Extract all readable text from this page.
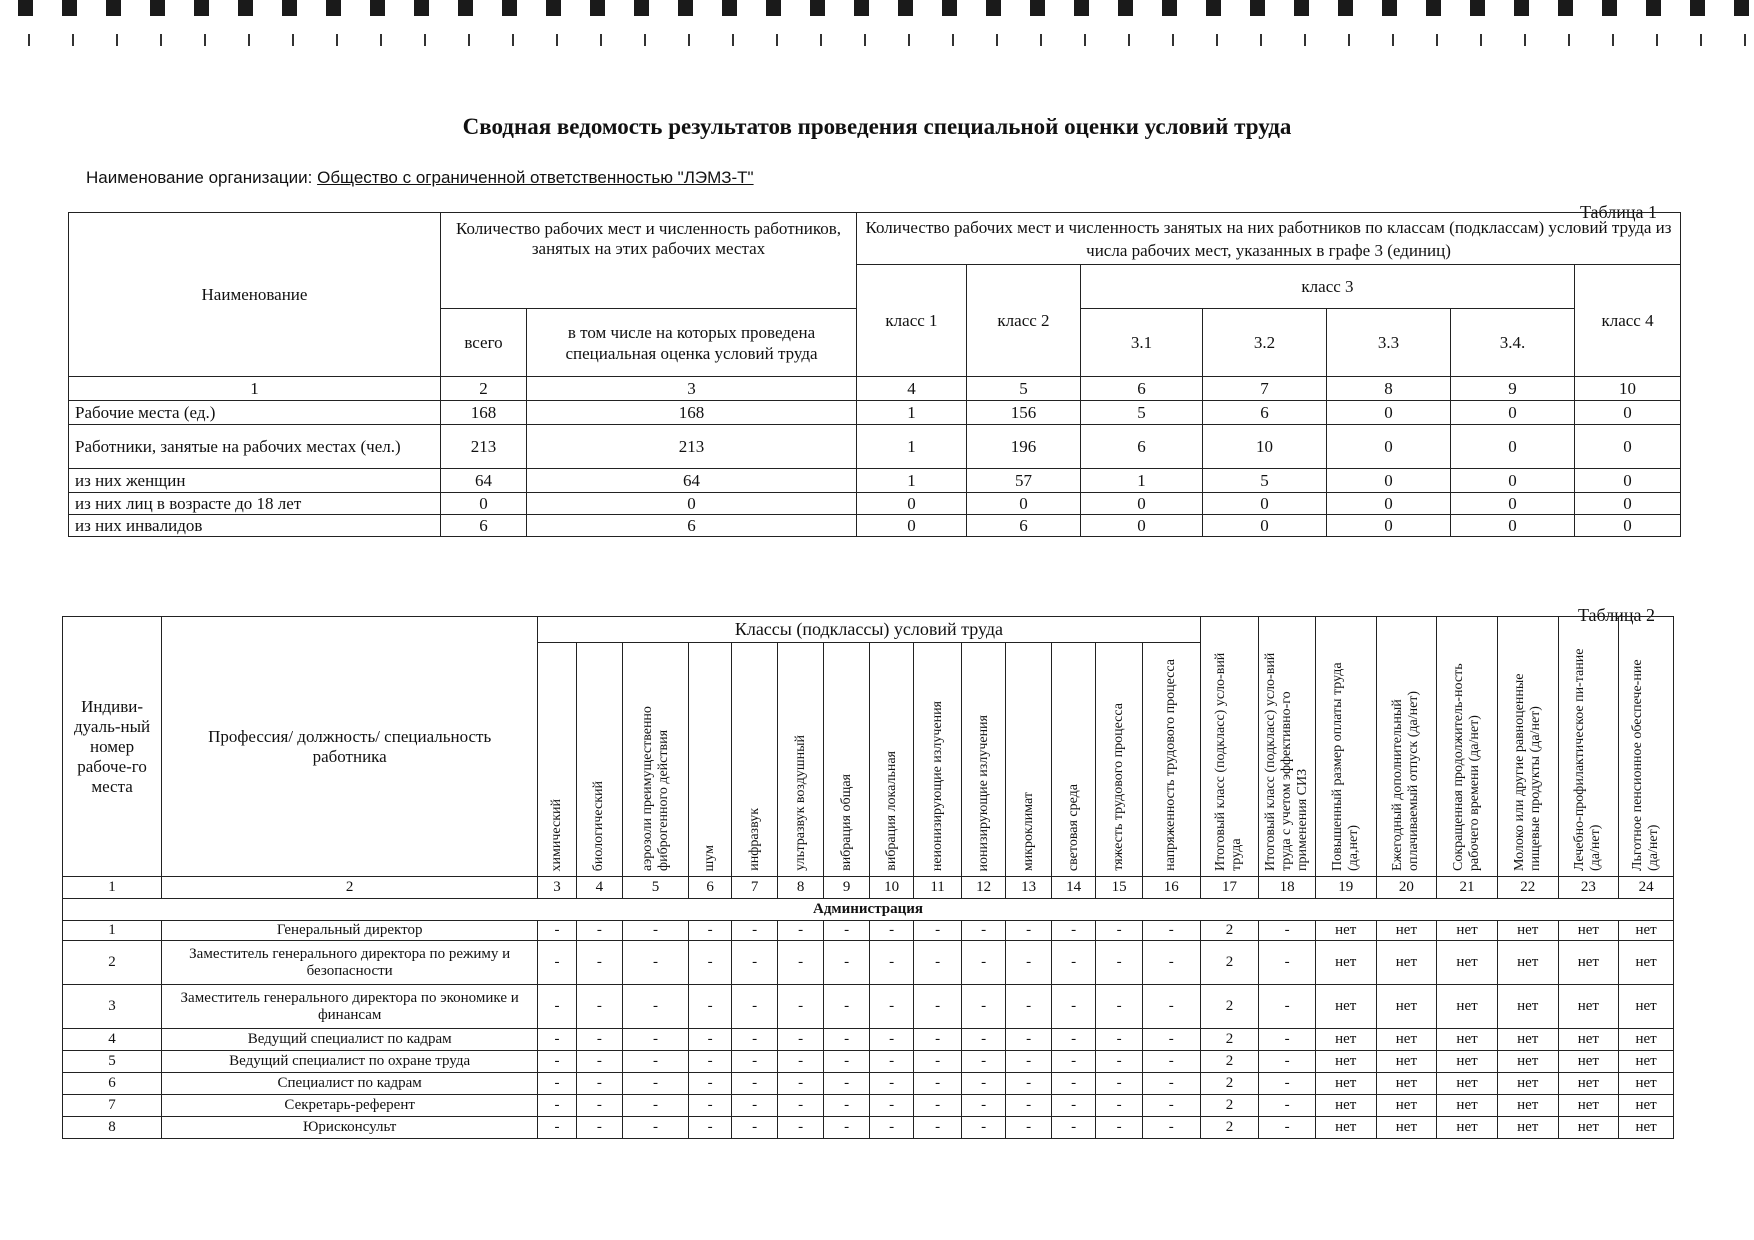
Сводная ведомость результатов проведения специальной оценки условий труда
Наименование организации: Общество с ограниченной ответственностью "ЛЭМЗ-Т"
Таблица 1
Наименование	Количество рабочих мест и численность работников, занятых на этих рабочих местах		Количество рабочих мест и численность занятых на них работников по классам (подклассам) условий труда из числа рабочих мест, указанных в графе 3 (единиц)						
			класс 1	класс 2	класс 3				класс 4
	всего	в том числе на которых проведена специальная оценка условий труда			3.1	3.2	3.3	3.4.	
1	2	3	4	5	6	7	8	9	10
Рабочие места (ед.)	168	168	1	156	5	6	0	0	0
Работники, занятые на рабочих местах (чел.)	213	213	1	196	6	10	0	0	0
из них женщин	64	64	1	57	1	5	0	0	0
из них лиц в возрасте до 18 лет	0	0	0	0	0	0	0	0	0
из них инвалидов	6	6	0	6	0	0	0	0	0
Таблица 2
Индиви-дуаль-ный номер рабоче-го места	Профессия/ должность/ специальность работника	Классы (подклассы) условий труда														Итоговый класс (подкласс) усло-вий труда	Итоговый класс (подкласс) усло-вий труда с учетом эффективно-го применения СИЗ	Повышенный размер оплаты труда (да,нет)	Ежегодный дополнительный оплачиваемый отпуск (да/нет)	Сокращенная продолжитель-ность рабочего времени (да/нет)	Молоко или другие равноценные пищевые продукты (да/нет)	Лечебно-профилактическое пи-тание (да/нет)	Льготное пенсионное обеспече-ние (да/нет)
		химический	биологический	аэрозоли преимущественно фиброгенного действия	шум	инфразвук	ультразвук воздушный	вибрация общая	вибрация локальная	неионизирующие излучения	ионизирующие излучения	микроклимат	световая среда	тяжесть трудового процесса	напряженность трудового процесса								
1	2	3	4	5	6	7	8	9	10	11	12	13	14	15	16	17	18	19	20	21	22	23	24
Администрация																							
1	Генеральный директор	-	-	-	-	-	-	-	-	-	-	-	-	-	-	2	-	нет	нет	нет	нет	нет	нет
2	Заместитель генерального директора по режиму и безопасности	-	-	-	-	-	-	-	-	-	-	-	-	-	-	2	-	нет	нет	нет	нет	нет	нет
3	Заместитель генерального директора по экономике и финансам	-	-	-	-	-	-	-	-	-	-	-	-	-	-	2	-	нет	нет	нет	нет	нет	нет
4	Ведущий специалист по кадрам	-	-	-	-	-	-	-	-	-	-	-	-	-	-	2	-	нет	нет	нет	нет	нет	нет
5	Ведущий специалист по охране труда	-	-	-	-	-	-	-	-	-	-	-	-	-	-	2	-	нет	нет	нет	нет	нет	нет
6	Специалист по кадрам	-	-	-	-	-	-	-	-	-	-	-	-	-	-	2	-	нет	нет	нет	нет	нет	нет
7	Секретарь-референт	-	-	-	-	-	-	-	-	-	-	-	-	-	-	2	-	нет	нет	нет	нет	нет	нет
8	Юрисконсульт	-	-	-	-	-	-	-	-	-	-	-	-	-	-	2	-	нет	нет	нет	нет	нет	нет
